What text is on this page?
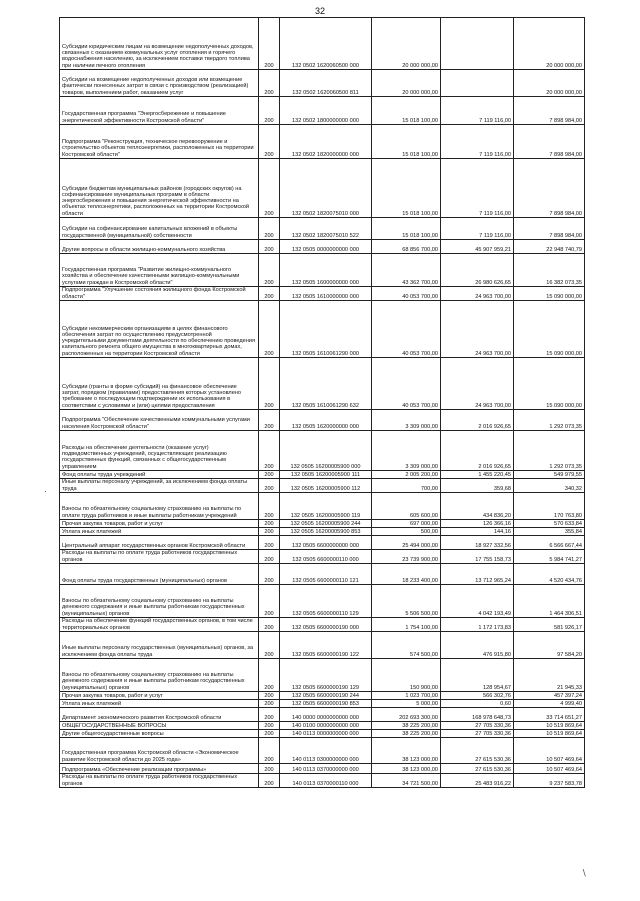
32
Субсидии юридическим лицам на возмещение недополученных доходов, связанных с оказанием коммунальных услуг отопления и горячего водоснабжения населению, за исключением поставки твердого топлива при наличии печного отопления	200	132 0502 1620060500 000	20 000 000,00		20 000 000,00
Субсидии на возмещение недополученных доходов или возмещение фактически понесенных затрат в связи с производством (реализацией) товаров, выполнением работ, оказанием услуг	200	132 0502 1620060500 811	20 000 000,00		20 000 000,00
Государственная программа "Энергосбережение и повышение энергетической эффективности Костромской области"	200	132 0502 1800000000 000	15 018 100,00	7 119 116,00	7 898 984,00
Подпрограмма "Реконструкция, техническое перевооружение и строительство объектов теплоэнергетики, расположенных на территории Костромской области"	200	132 0502 1820000000 000	15 018 100,00	7 119 116,00	7 898 984,00
Субсидии бюджетам муниципальных районов (городских округов) на софинансирование муниципальных программ в области энергосбережения и повышения энергетической эффективности на объектах теплоэнергетики, расположенных на территории Костромской области	200	132 0502 1820075010 000	15 018 100,00	7 119 116,00	7 898 984,00
Субсидии на софинансирование капитальных вложений в объекты государственной (муниципальной) собственности	200	132 0502 1820075010 522	15 018 100,00	7 119 116,00	7 898 984,00
Другие вопросы в области жилищно-коммунального хозяйства	200	132 0505 0000000000 000	68 856 700,00	45 907 959,21	22 948 740,79
Государственная программа "Развитие жилищно-коммунального хозяйства и обеспечение качественными жилищно-коммунальными услугами граждан в Костромской области"	200	132 0505 1600000000 000	43 362 700,00	26 980 626,65	16 382 073,35
Подпрограмма "Улучшение состояния жилищного фонда Костромской области"	200	132 0505 1610000000 000	40 053 700,00	24 963 700,00	15 090 000,00
Субсидии некоммерческим организациям в целях финансового обеспечения затрат по осуществлению предусмотренной учредительными документами деятельности по обеспечению проведения капитального ремонта общего имущества в многоквартирных домах, расположенных на территории Костромской области	200	132 0505 1610061290 000	40 053 700,00	24 963 700,00	15 090 000,00
Субсидии (гранты в форме субсидий) на финансовое обеспечение затрат, порядком (правилами) предоставления которых установлено требование о последующем подтверждении их использования в соответствии с условиями и (или) целями предоставления	200	132 0505 1610061290 632	40 053 700,00	24 963 700,00	15 090 000,00
Подпрограмма "Обеспечение качественными коммунальными услугами населения Костромской области"	200	132 0505 1620000000 000	3 309 000,00	2 016 926,65	1 292 073,35
Расходы на обеспечение деятельности (оказание услуг) подведомственных учреждений, осуществляющих реализацию государственных функций, связанных с общегосударственным управлением	200	132 0505 16200005900 000	3 309 000,00	2 016 926,65	1 292 073,35
Фонд оплаты труда учреждений	200	132 0505 16200005900 111	2 005 200,00	1 455 220,45	549 979,55
Иные выплаты персоналу учреждений, за исключением фонда оплаты труда	200	132 0505 16200005900 112	700,00	359,68	340,32
Взносы по обязательному социальному страхованию на выплаты по оплате труда работников и иные выплаты работникам учреждений	200	132 0505 16200005900 119	605 600,00	434 836,20	170 763,80
Прочая закупка товаров, работ и услуг	200	132 0505 16200005900 244	697 000,00	126 366,16	570 633,84
Уплата иных платежей	200	132 0505 16200005900 853	500,00	144,16	355,84
Центральный аппарат государственных органов Костромской области	200	132 0505 6600000000 000	25 494 000,00	18 927 332,56	6 566 667,44
Расходы на выплаты по оплате труда работников государственных органов	200	132 0505 6600000110 000	23 739 900,00	17 755 158,73	5 984 741,27
Фонд оплаты труда государственных (муниципальных) органов	200	132 0505 6600000110 121	18 233 400,00	13 712 965,24	4 520 434,76
Взносы по обязательному социальному страхованию на выплаты денежного содержания и иные выплаты работникам государственных (муниципальных) органов	200	132 0505 6600000110 129	5 506 500,00	4 042 193,49	1 464 306,51
Расходы на обеспечение функций государственных органов, в том числе территориальных органов	200	132 0505 6600000190 000	1 754 100,00	1 172 173,83	581 926,17
Иные выплаты персоналу государственных (муниципальных) органов, за исключением фонда оплаты труда	200	132 0505 6600000190 122	574 500,00	476 915,80	97 584,20
Взносы по обязательному социальному страхованию на выплаты денежного содержания и иные выплаты работникам государственных (муниципальных) органов	200	132 0505 6600000190 129	150 900,00	128 954,67	21 945,33
Прочая закупка товаров, работ и услуг	200	132 0505 6600000190 244	1 023 700,00	566 302,76	457 397,24
Уплата иных платежей	200	132 0505 6600000190 853	5 000,00	0,60	4 999,40
Департамент экономического развития Костромской области	200	140 0000 0000000000 000	202 693 300,00	168 978 648,73	33 714 651,27
ОБЩЕГОСУДАРСТВЕННЫЕ ВОПРОСЫ	200	140 0100 0000000000 000	38 225 200,00	27 705 330,36	10 519 869,64
Другие общегосударственные вопросы	200	140 0113 0000000000 000	38 225 200,00	27 705 330,36	10 519 869,64
Государственная программа Костромской области «Экономическое развитие Костромской области до 2025 года»	200	140 0113 0300000000 000	38 123 000,00	27 615 530,36	10 507 469,64
Подпрограмма «Обеспечение реализации программы»	200	140 0113 0370000000 000	38 123 000,00	27 615 530,36	10 507 469,64
Расходы на выплаты по оплате труда работников государственных органов	200	140 0113 0370000110 000	34 721 500,00	25 483 916,22	9 237 583,78
·
∖
